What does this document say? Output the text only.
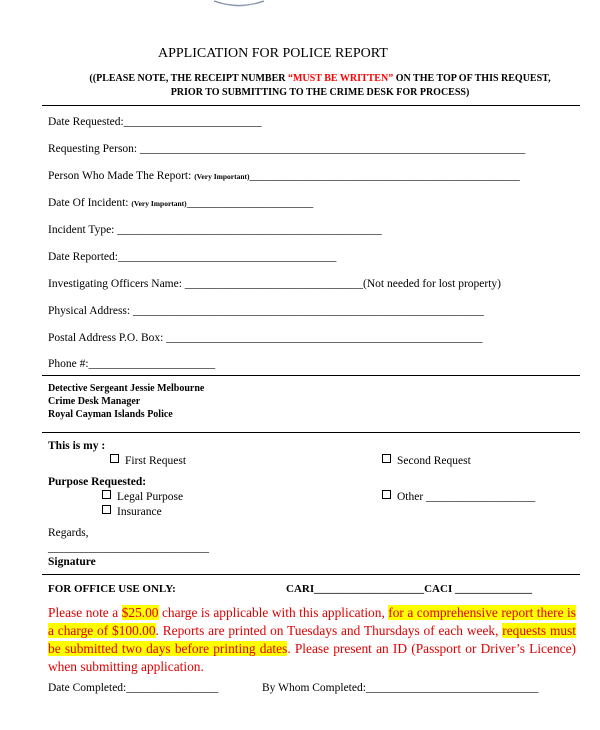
APPLICATION FOR POLICE REPORT
((PLEASE NOTE, THE RECEIPT NUMBER “MUST BE WRITTEN” ON THE TOP OF THIS REQUEST,
PRIOR TO SUBMITTING TO THE CRIME DESK FOR PROCESS)
Date Requested:________________________
Requesting Person: ___________________________________________________________________
Person Who Made The Report: (Very Important)_______________________________________________
Date Of Incident: (Very Important)______________________
Incident Type: ______________________________________________
Date Reported:______________________________________
Investigating Officers Name: _______________________________(Not needed for lost property)
Physical Address: _____________________________________________________________
Postal Address P.O. Box: _______________________________________________________
Phone #:______________________
Detective Sergeant Jessie Melbourne
Crime Desk Manager
Royal Cayman Islands Police
This is my :
First Request	Second Request
Purpose Requested:
Legal Purpose	Other ___________________
Insurance
Regards,
____________________________
Signature
FOR OFFICE USE ONLY:	CARI____________________CACI ______________
Please note a $25.00 charge is applicable with this application, for a comprehensive report there is a charge of $100.00. Reports are printed on Tuesdays and Thursdays of each week, requests must be submitted two days before printing dates. Please present an ID (Passport or Driver’s Licence) when submitting application.
Date Completed:________________	By Whom Completed:______________________________
